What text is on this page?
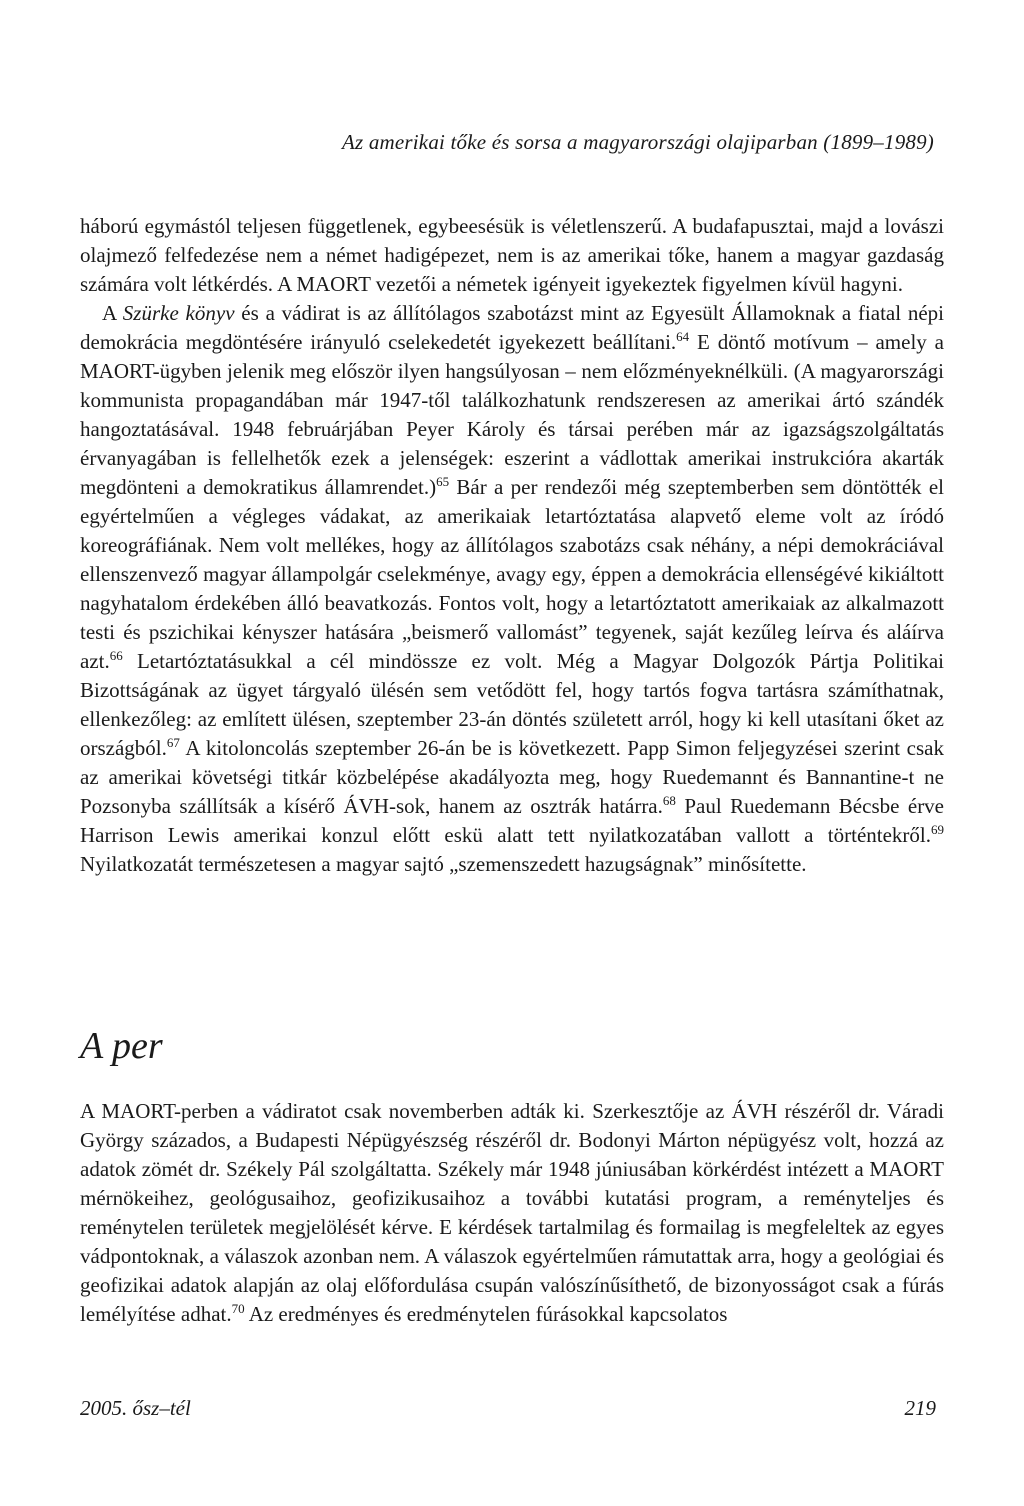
Az amerikai tőke és sorsa a magyarországi olajiparban (1899–1989)

háború egymástól teljesen függetlenek, egybeesésük is véletlenszerű. A budafapusztai, majd a lovászi olajmező felfedezése nem a német hadigépezet, nem is az amerikai tőke, hanem a magyar gazdaság számára volt létkérdés. A MAORT vezetői a németek igényeit igyekeztek figyelmen kívül hagyni.

A Szürke könyv és a vádirat is az állítólagos szabotázst mint az Egyesült Államoknak a fiatal népi demokrácia megdöntésére irányuló cselekedetét igyekezett beállítani.$^{64}$ E döntő motívum – amely a MAORT-ügyben jelenik meg először ilyen hangsúlyosan – nem előzményeknélküli. (A magyarországi kommunista propagandában már 1947-től találkozhatunk rendszeresen az amerikai ártó szándék hangoztatásával. 1948 februárjában Peyer Károly és társai perében már az igazságszolgáltatás érvanyagában is fellelhetők ezek a jelenségek: eszerint a vádlottak amerikai instrukcióra akarták megdönteni a demokratikus államrendet.)$^{65}$ Bár a per rendezői még szeptemberben sem döntötték el egyértelműen a végleges vádakat, az amerikaiak letartóztatása alapvető eleme volt az íródó koreográfiának. Nem volt mellékes, hogy az állítólagos szabotázs csak néhány, a népi demokráciával ellenszenvező magyar állampolgár cselekménye, avagy egy, éppen a demokrácia ellenségévé kikiáltott nagyhatalom érdekében álló beavatkozás. Fontos volt, hogy a letartóztatott amerikaiak az alkalmazott testi és pszichikai kényszer hatására „beismerő vallomást” tegyenek, saját kezűleg leírva és aláírva azt.$^{66}$ Letartóztatásukkal a cél mindössze ez volt. Még a Magyar Dolgozók Pártja Politikai Bizottságának az ügyet tárgyaló ülésén sem vetődött fel, hogy tartós fogva tartásra számíthatnak, ellenkezőleg: az említett ülésen, szeptember 23-án döntés született arról, hogy ki kell utasítani őket az országból.$^{67}$ A kitoloncolás szeptember 26-án be is következett. Papp Simon feljegyzései szerint csak az amerikai követségi titkár közbelépése akadályozta meg, hogy Ruedemannt és Bannantine-t ne Pozsonyba szállítsák a kísérő ÁVH-sok, hanem az osztrák határra.$^{68}$ Paul Ruedemann Bécsbe érve Harrison Lewis amerikai konzul előtt eskü alatt tett nyilatkozatában vallott a történtekről.$^{69}$ Nyilatkozatát természetesen a magyar sajtó „szemenszedett hazugságnak” minősítette.

A per

A MAORT-perben a vádiratot csak novemberben adták ki. Szerkesztője az ÁVH részéről dr. Váradi György százados, a Budapesti Népügyészség részéről dr. Bodonyi Márton népügyész volt, hozzá az adatok zömét dr. Székely Pál szolgáltatta. Székely már 1948 júniusában körkérdést intézett a MAORT mérnökeihez, geológusaihoz, geofizikusaihoz a további kutatási program, a reményteljes és reménytelen területek megjelölését kérve. E kérdések tartalmilag és formailag is megfeleltek az egyes vádpontoknak, a válaszok azonban nem. A válaszok egyértelműen rámutattak arra, hogy a geológiai és geofizikai adatok alapján az olaj előfordulása csupán valószínűsíthető, de bizonyosságot csak a fúrás lemélyítése adhat.$^{70}$ Az eredményes és eredménytelen fúrásokkal kapcsolatos

2005. ősz–tél	219
